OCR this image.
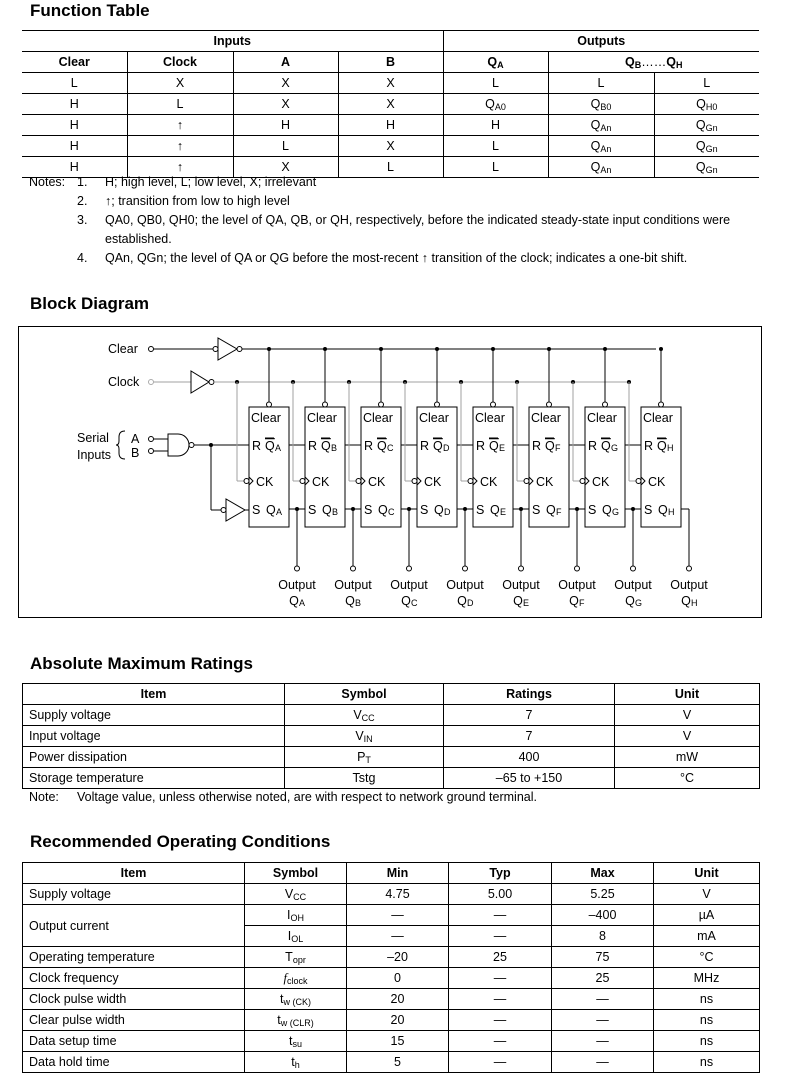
Function Table
Inputs				Outputs		
Clear	Clock	A	B	$Q_A$	$Q_B\dots\dots Q_H$
L	X	X	X	L	L	L
H	L	X	X	$Q_{A0}$	$Q_{B0}$	$Q_{H0}$
H	↑	H	H	H	$Q_{An}$	$Q_{Gn}$
H	↑	L	X	L	$Q_{An}$	$Q_{Gn}$
H	↑	X	L	L	$Q_{An}$	$Q_{Gn}$
Notes: 1.	H; high level, L; low level, X; irrelevant
2.	↑; transition from low to high level
3.	QA0, QB0, QH0; the level of QA, QB, or QH, respectively, before the indicated steady-state input conditions were established.
4.	QAn, QGn; the level of QA or QG before the most-recent ↑ transition of the clock; indicates a one-bit shift.
Block Diagram
Clear
Clock
Serial
Inputs
A
B
Clear
R Q A
CK
S Q A
Output
Q A
Clear
R Q B
CK
S Q B
Output
Q B
Clear
R Q C
CK
S Q C
Output
Q C
Clear
R Q D
CK
S Q D
Output
Q D
Clear
R Q E
CK
S Q E
Output
Q E
Clear
R Q F
CK
S Q F
Output
Q F
Clear
R Q G
CK
S Q G
Output
Q G
Clear
R Q H
CK
S Q H
Output
Q H
Absolute Maximum Ratings
Item	Symbol	Ratings	Unit
Supply voltage	$V_{CC}$	7	V
Input voltage	$V_{IN}$	7	V
Power dissipation	$P_T$	400	mW
Storage temperature	Tstg	–65 to +150	°C
Note:	Voltage value, unless otherwise noted, are with respect to network ground terminal.
Recommended Operating Conditions
Item	Symbol	Min	Typ	Max	Unit
Supply voltage	$V_{CC}$	4.75	5.00	5.25	V
Output current	$I_{OH}$	—	—	–400	µA
	$I_{OL}$	—	—	8	mA
Operating temperature	$T_{opr}$	–20	25	75	°C
Clock frequency	$f_{clock}$	0	—	25	MHz
Clock pulse width	$t_{w (CK)}$	20	—	—	ns
Clear pulse width	$t_{w (CLR)}$	20	—	—	ns
Data setup time	$t_{su}$	15	—	—	ns
Data hold time	$t_h$	5	—	—	ns
